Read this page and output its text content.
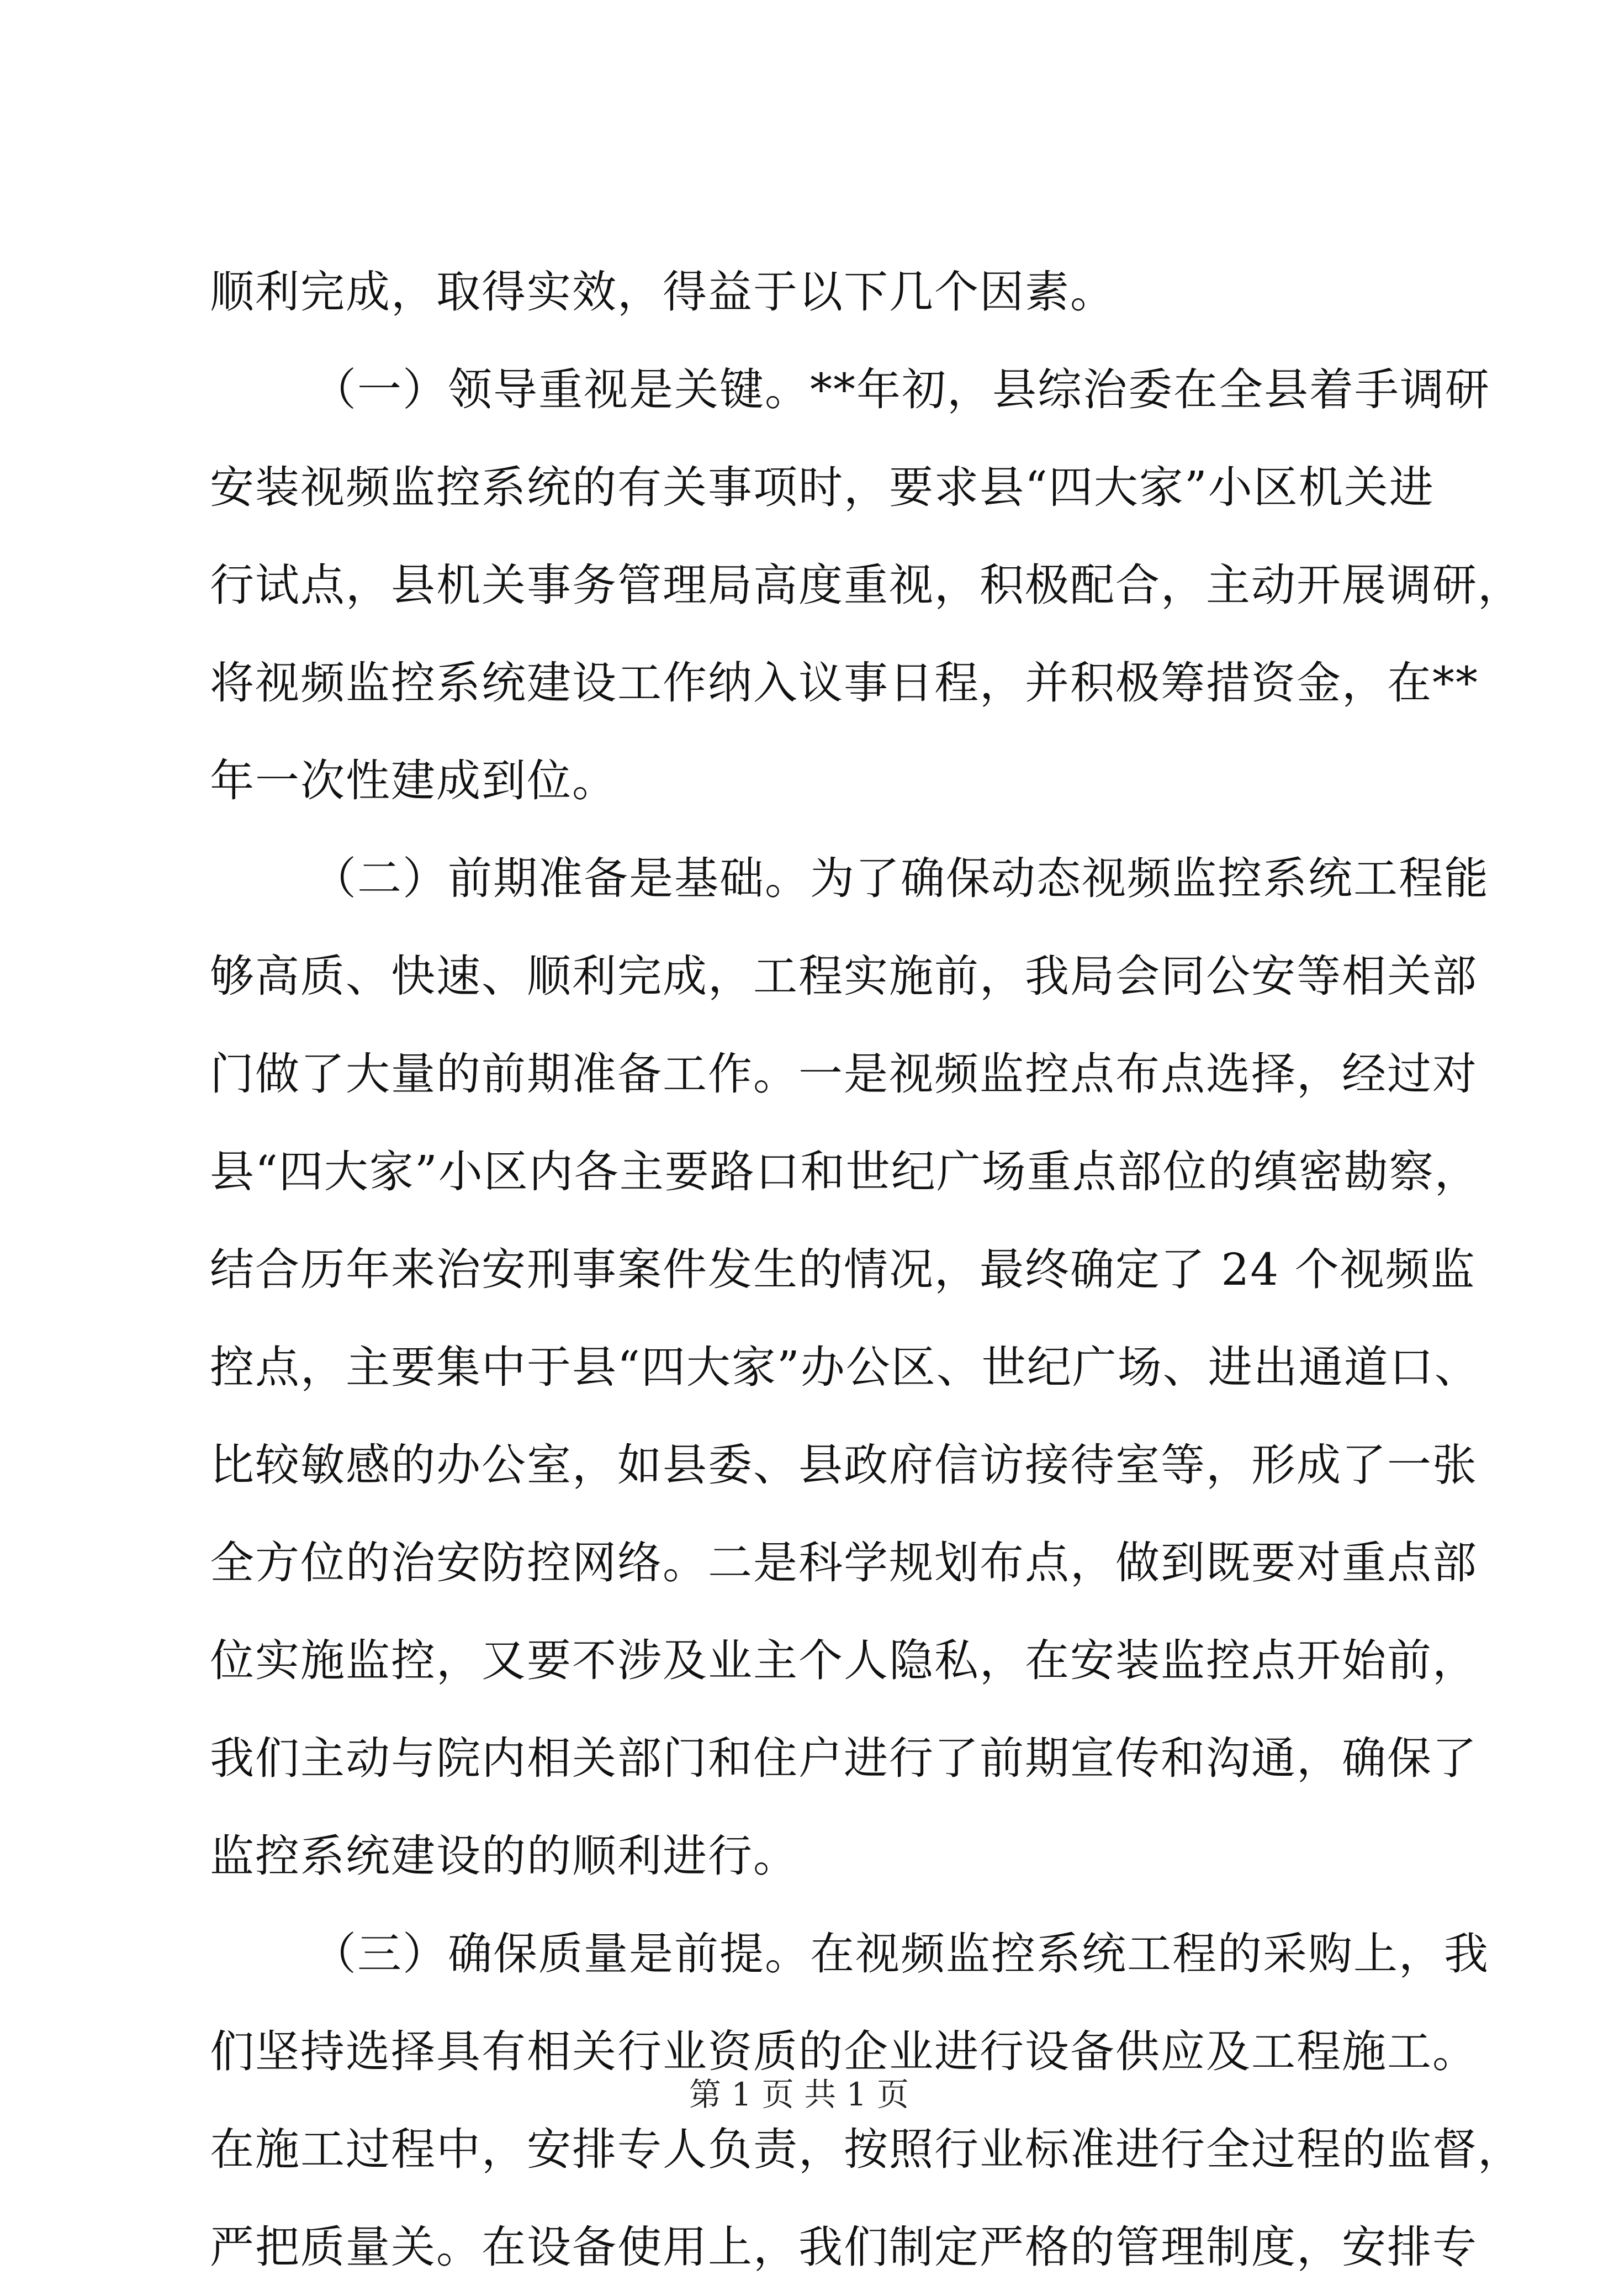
顺利完成，取得实效，得益于以下几个因素。
（一）领导重视是关键。**年初，县综治委在全县着手调研
安装视频监控系统的有关事项时，要求县“四大家”小区机关进
行试点，县机关事务管理局高度重视，积极配合，主动开展调研，
将视频监控系统建设工作纳入议事日程，并积极筹措资金，在**
年一次性建成到位。
（二）前期准备是基础。为了确保动态视频监控系统工程能
够高质、快速、顺利完成，工程实施前，我局会同公安等相关部
门做了大量的前期准备工作。一是视频监控点布点选择，经过对
县“四大家”小区内各主要路口和世纪广场重点部位的缜密勘察，
结合历年来治安刑事案件发生的情况，最终确定了 24 个视频监
控点，主要集中于县“四大家”办公区、世纪广场、进出通道口、
比较敏感的办公室，如县委、县政府信访接待室等，形成了一张
全方位的治安防控网络。二是科学规划布点，做到既要对重点部
位实施监控，又要不涉及业主个人隐私，在安装监控点开始前，
我们主动与院内相关部门和住户进行了前期宣传和沟通，确保了
监控系统建设的的顺利进行。
（三）确保质量是前提。在视频监控系统工程的采购上，我
们坚持选择具有相关行业资质的企业进行设备供应及工程施工。
在施工过程中，安排专人负责，按照行业标准进行全过程的监督，
严把质量关。在设备使用上，我们制定严格的管理制度，安排专
第 1 页 共 1 页
